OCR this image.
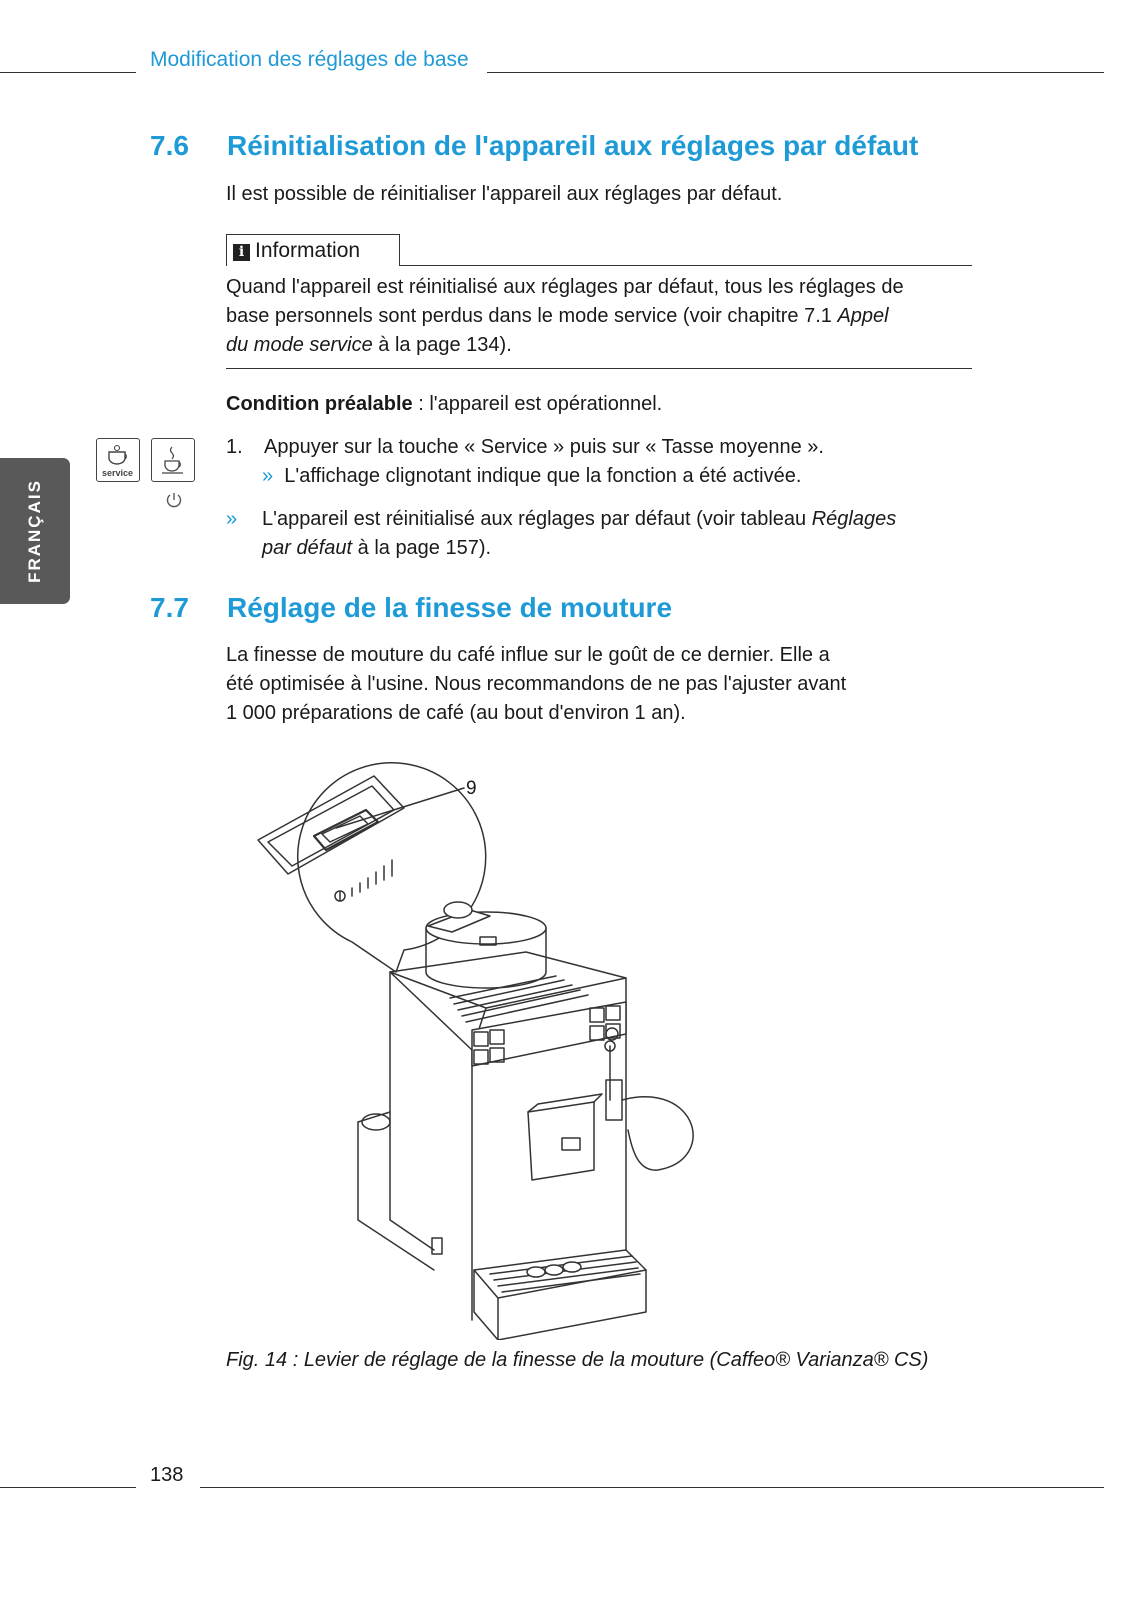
Modification des réglages de base
FRANÇAIS
7.6 Réinitialisation de l'appareil aux réglages par défaut
Il est possible de réinitialiser l'appareil aux réglages par défaut.
i Information
Quand l'appareil est réinitialisé aux réglages par défaut, tous les réglages de
base personnels sont perdus dans le mode service (voir chapitre 7.1 Appel
du mode service à la page 134).
Condition préalable : l'appareil est opérationnel.
service
1. Appuyer sur la touche « Service » puis sur « Tasse moyenne ».
» L'affichage clignotant indique que la fonction a été activée.
» L'appareil est réinitialisé aux réglages par défaut (voir tableau Réglages
par défaut à la page 157).
7.7 Réglage de la finesse de mouture
La finesse de mouture du café influe sur le goût de ce dernier. Elle a
été optimisée à l'usine. Nous recommandons de ne pas l'ajuster avant
1 000 préparations de café (au bout d'environ 1 an).
9
Fig. 14 : Levier de réglage de la finesse de la mouture (Caffeo® Varianza® CS)
138
